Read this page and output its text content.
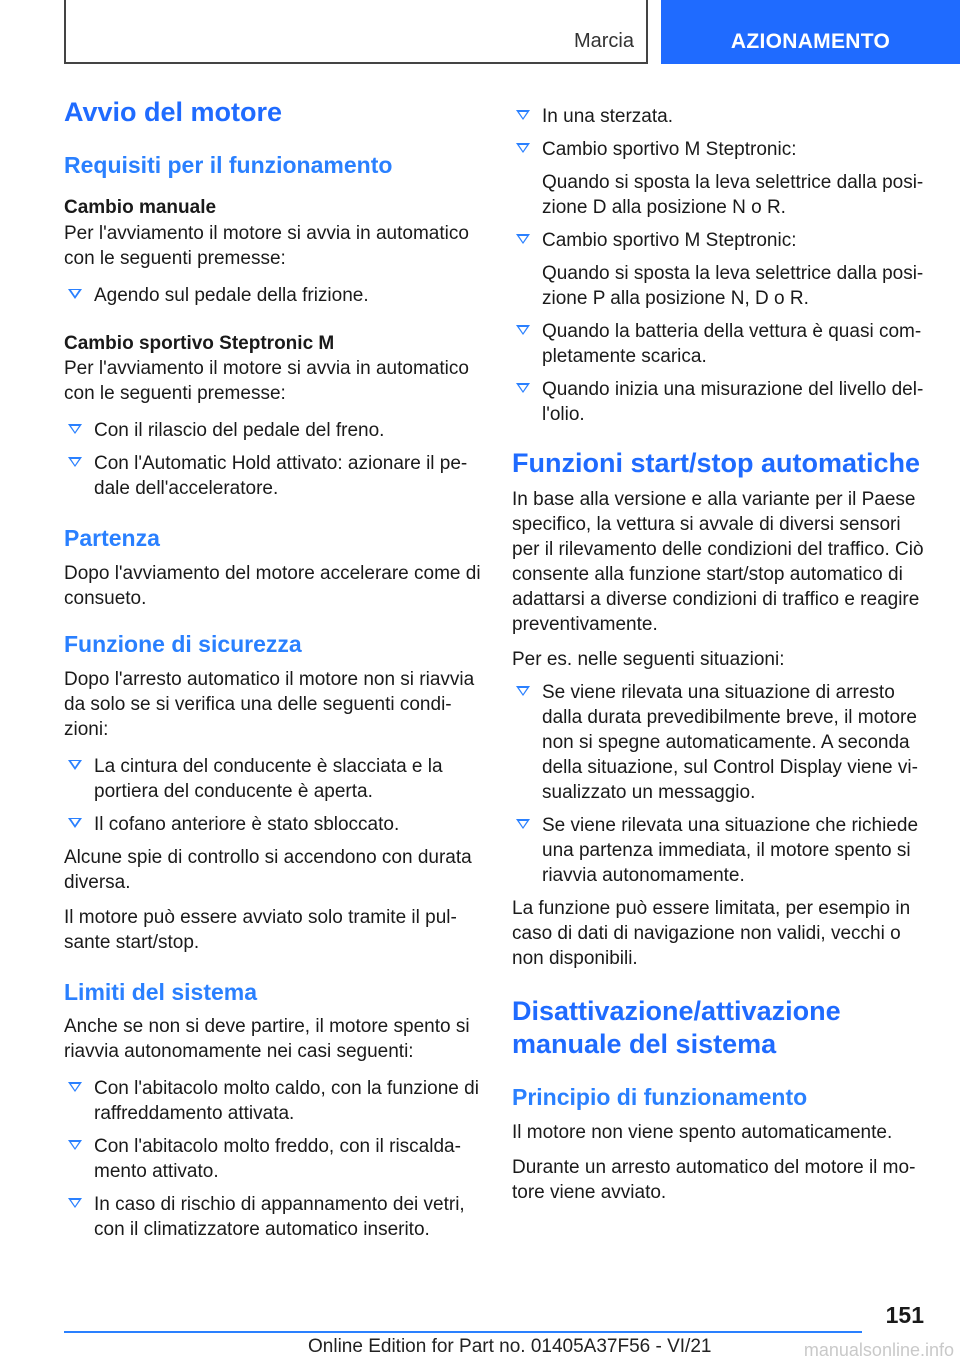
Marcia	AZIONAMENTO
Avvio del motore
Requisiti per il funzionamento
Cambio manuale

Per l'avviamento il motore si avvia in automatico con le seguenti premesse:

Agendo sul pedale della frizione.
Cambio sportivo Steptronic M

Per l'avviamento il motore si avvia in automatico con le seguenti premesse:

Con il rilascio del pedale del freno.
Con l'Automatic Hold attivato: azionare il pe-dale dell'acceleratore.
Partenza

Dopo l'avviamento del motore accelerare come di consueto.

Funzione di sicurezza

Dopo l'arresto automatico il motore non si riavvia da solo se si verifica una delle seguenti condi-zioni:

La cintura del conducente è slacciata e la portiera del conducente è aperta.
Il cofano anteriore è stato sbloccato.

Alcune spie di controllo si accendono con durata diversa.

Il motore può essere avviato solo tramite il pul-sante start/stop.

Limiti del sistema

Anche se non si deve partire, il motore spento si riavvia autonomamente nei casi seguenti:

Con l'abitacolo molto caldo, con la funzione di raffreddamento attivata.
Con l'abitacolo molto freddo, con il riscalda-mento attivato.
In caso di rischio di appannamento dei vetri, con il climatizzatore automatico inserito.
In una sterzata.
Cambio sportivo M Steptronic:
Quando si sposta la leva selettrice dalla posi-zione D alla posizione N o R.
Cambio sportivo M Steptronic:
Quando si sposta la leva selettrice dalla posi-zione P alla posizione N, D o R.
Quando la batteria della vettura è quasi com-pletamente scarica.
Quando inizia una misurazione del livello del-l'olio.
Funzioni start/stop automatiche

In base alla versione e alla variante per il Paese specifico, la vettura si avvale di diversi sensori per il rilevamento delle condizioni del traffico. Ciò consente alla funzione start/stop automatico di adattarsi a diverse condizioni di traffico e reagire preventivamente.

Per es. nelle seguenti situazioni:

Se viene rilevata una situazione di arresto dalla durata prevedibilmente breve, il motore non si spegne automaticamente. A seconda della situazione, sul Control Display viene vi-sualizzato un messaggio.
Se viene rilevata una situazione che richiede una partenza immediata, il motore spento si riavvia autonomamente.

La funzione può essere limitata, per esempio in caso di dati di navigazione non validi, vecchi o non disponibili.

Disattivazione/attivazione manuale del sistema
Principio di funzionamento

Il motore non viene spento automaticamente.

Durante un arresto automatico del motore il mo-tore viene avviato.

151
Online Edition for Part no. 01405A37F56 - VI/21	manualsonline.info
